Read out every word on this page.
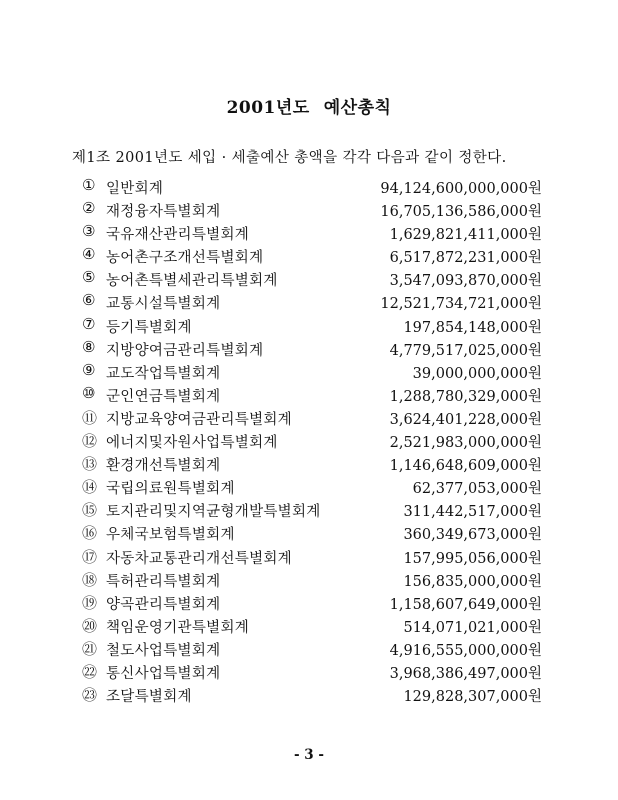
2001년도 예산총칙
제1조 2001년도 세입 · 세출예산 총액을 각각 다음과 같이 정한다.
① 일반회계	94,124,600,000,000원
② 재정융자특별회계	16,705,136,586,000원
③ 국유재산관리특별회계	1,629,821,411,000원
④ 농어촌구조개선특별회계	6,517,872,231,000원
⑤ 농어촌특별세관리특별회계	3,547,093,870,000원
⑥ 교통시설특별회계	12,521,734,721,000원
⑦ 등기특별회계	197,854,148,000원
⑧ 지방양여금관리특별회계	4,779,517,025,000원
⑨ 교도작업특별회계	39,000,000,000원
⑩ 군인연금특별회계	1,288,780,329,000원
⑪ 지방교육양여금관리특별회계	3,624,401,228,000원
⑫ 에너지및자원사업특별회계	2,521,983,000,000원
⑬ 환경개선특별회계	1,146,648,609,000원
⑭ 국립의료원특별회계	62,377,053,000원
⑮ 토지관리및지역균형개발특별회계	311,442,517,000원
⑯ 우체국보험특별회계	360,349,673,000원
⑰ 자동차교통관리개선특별회계	157,995,056,000원
⑱ 특허관리특별회계	156,835,000,000원
⑲ 양곡관리특별회계	1,158,607,649,000원
⑳ 책임운영기관특별회계	514,071,021,000원
㉑ 철도사업특별회계	4,916,555,000,000원
㉒ 통신사업특별회계	3,968,386,497,000원
㉓ 조달특별회계	129,828,307,000원
- 3 -
